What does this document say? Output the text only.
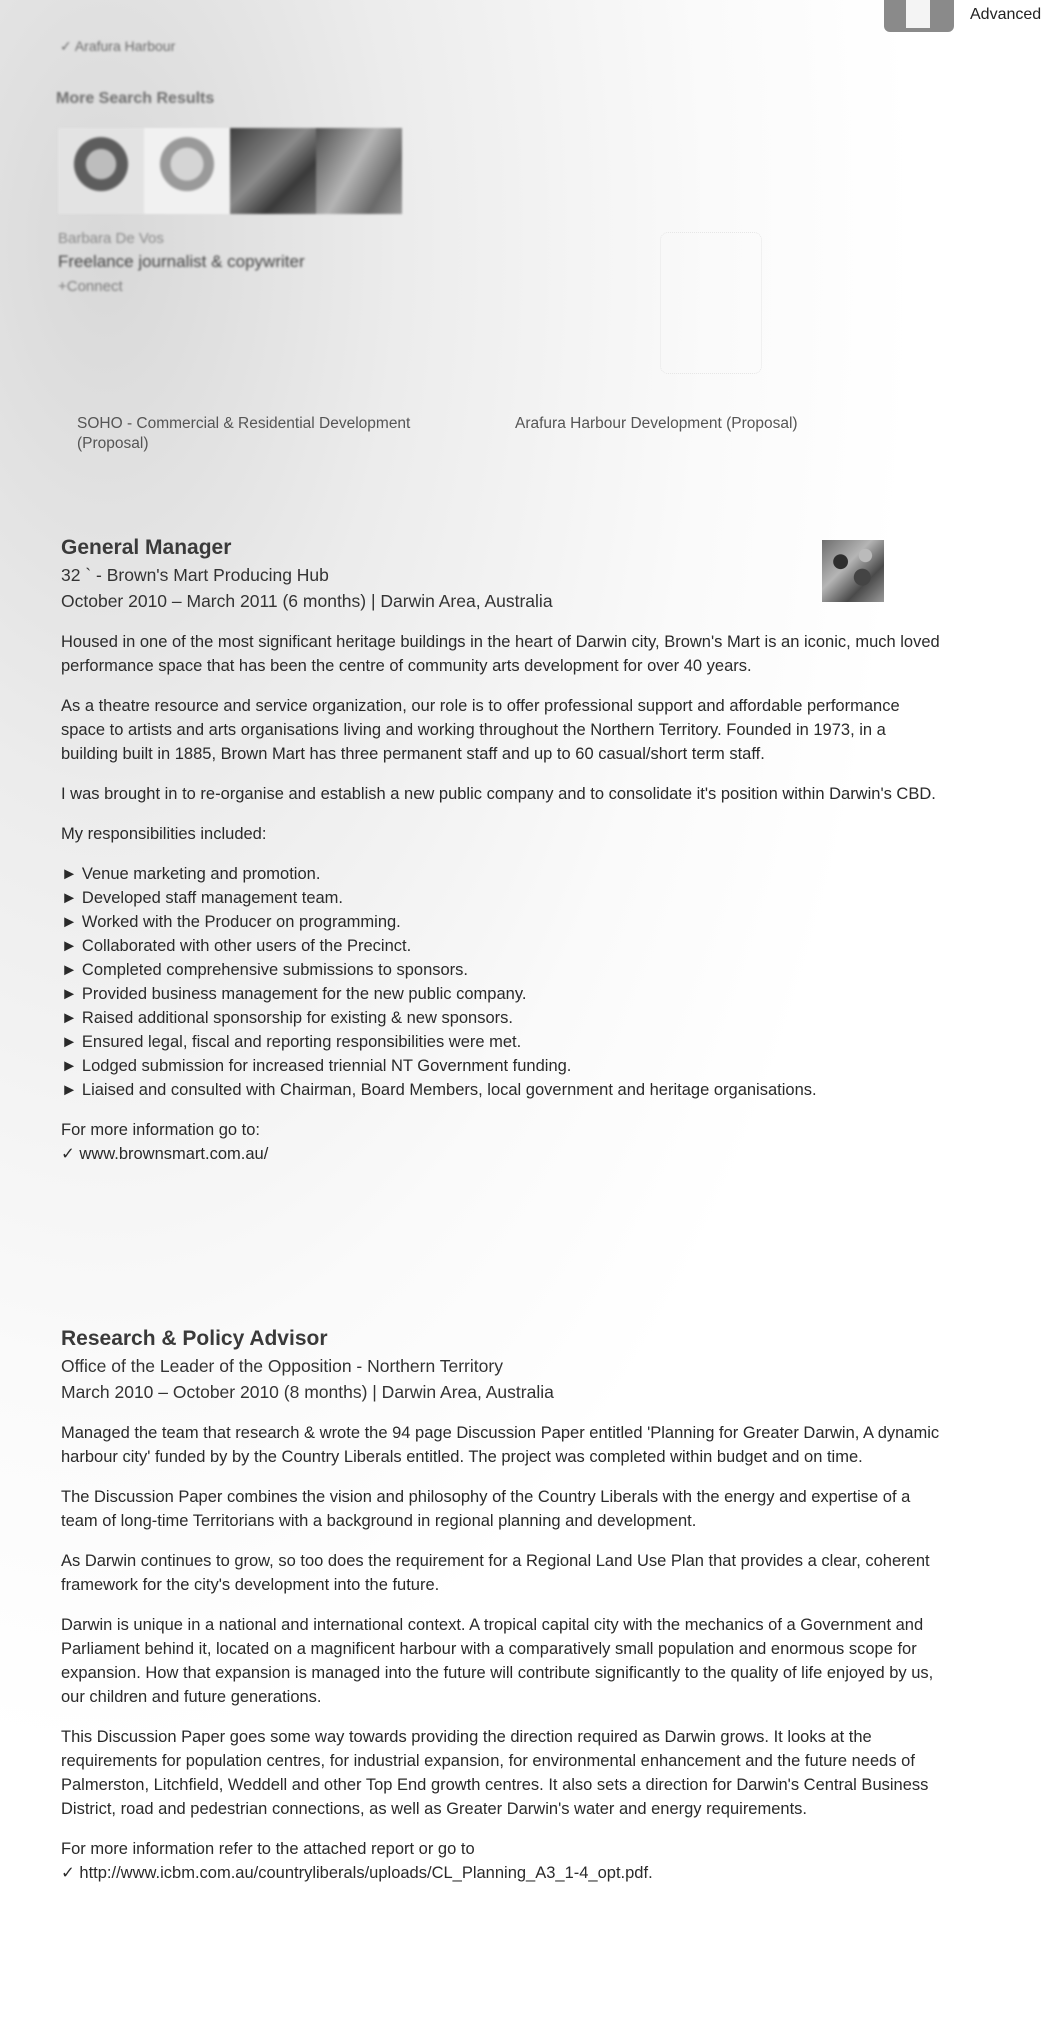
Advanced
✓ Arafura Harbour
More Search Results
Barbara De Vos
Freelance journalist & copywriter
+Connect
SOHO - Commercial & Residential Development (Proposal)
Arafura Harbour Development (Proposal)
General Manager
32 ` - Brown's Mart Producing Hub
October 2010 – March 2011 (6 months) | Darwin Area, Australia

Housed in one of the most significant heritage buildings in the heart of Darwin city, Brown's Mart is an iconic, much loved performance space that has been the centre of community arts development for over 40 years.

As a theatre resource and service organization, our role is to offer professional support and affordable performance space to artists and arts organisations living and working throughout the Northern Territory. Founded in 1973, in a building built in 1885, Brown Mart has three permanent staff and up to 60 casual/short term staff.

I was brought in to re-organise and establish a new public company and to consolidate it's position within Darwin's CBD.

My responsibilities included:

► Venue marketing and promotion.
► Developed staff management team.
► Worked with the Producer on programming.
► Collaborated with other users of the Precinct.
► Completed comprehensive submissions to sponsors.
► Provided business management for the new public company.
► Raised additional sponsorship for existing & new sponsors.
► Ensured legal, fiscal and reporting responsibilities were met.
► Lodged submission for increased triennial NT Government funding.
► Liaised and consulted with Chairman, Board Members, local government and heritage organisations.

For more information go to:

✓ www.brownsmart.com.au/

Research & Policy Advisor
Office of the Leader of the Opposition - Northern Territory
March 2010 – October 2010 (8 months) | Darwin Area, Australia

Managed the team that research & wrote the 94 page Discussion Paper entitled 'Planning for Greater Darwin, A dynamic harbour city' funded by by the Country Liberals entitled. The project was completed within budget and on time.

The Discussion Paper combines the vision and philosophy of the Country Liberals with the energy and expertise of a team of long-time Territorians with a background in regional planning and development.

As Darwin continues to grow, so too does the requirement for a Regional Land Use Plan that provides a clear, coherent framework for the city's development into the future.

Darwin is unique in a national and international context. A tropical capital city with the mechanics of a Government and Parliament behind it, located on a magnificent harbour with a comparatively small population and enormous scope for expansion. How that expansion is managed into the future will contribute significantly to the quality of life enjoyed by us, our children and future generations.

This Discussion Paper goes some way towards providing the direction required as Darwin grows. It looks at the requirements for population centres, for industrial expansion, for environmental enhancement and the future needs of Palmerston, Litchfield, Weddell and other Top End growth centres. It also sets a direction for Darwin's Central Business District, road and pedestrian connections, as well as Greater Darwin's water and energy requirements.

For more information refer to the attached report or go to

✓ http://www.icbm.com.au/countryliberals/uploads/CL_Planning_A3_1-4_opt.pdf.
